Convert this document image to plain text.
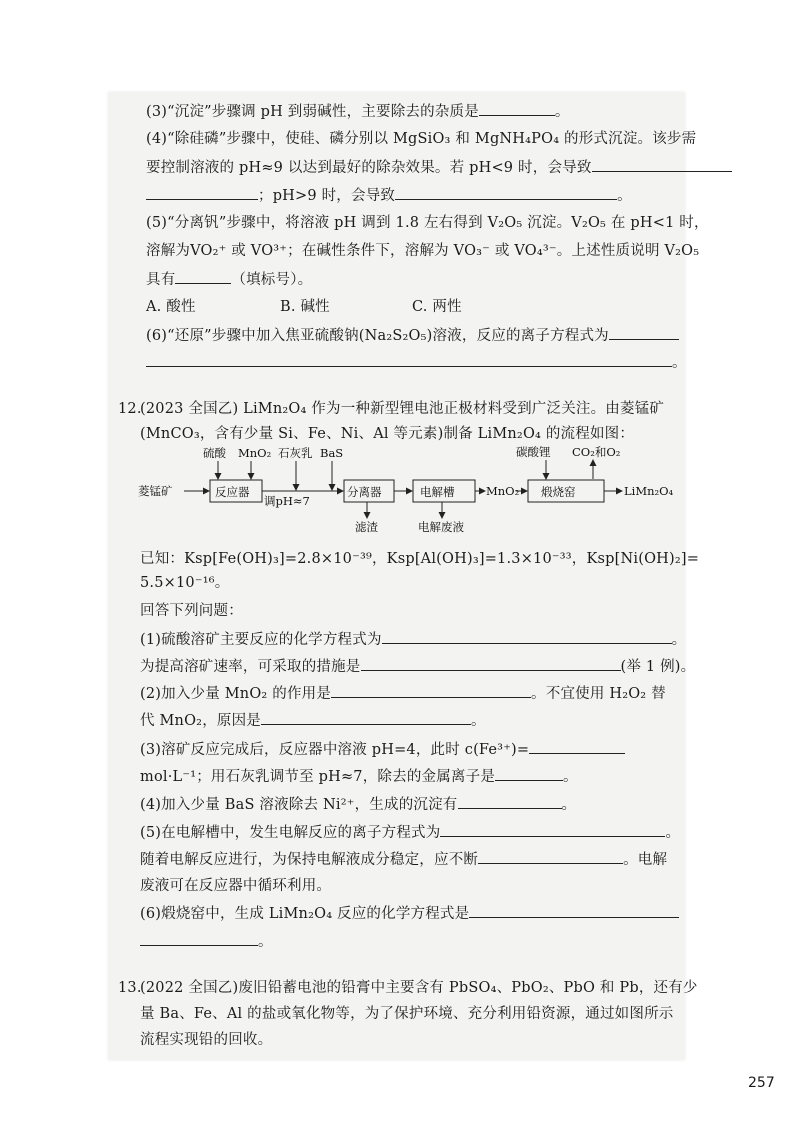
(3)“沉淀”步骤调 pH 到弱碱性，主要除去的杂质是	。
(4)“除硅磷”步骤中，使硅、磷分别以 MgSiO₃ 和 MgNH₄PO₄ 的形式沉淀。该步需
要控制溶液的 pH≈9 以达到最好的除杂效果。若 pH<9 时，会导致
；pH>9 时，会导致	。
(5)“分离钒”步骤中，将溶液 pH 调到 1.8 左右得到 V₂O₅ 沉淀。V₂O₅ 在 pH<1 时，
溶解为VO₂⁺ 或 VO³⁺；在碱性条件下，溶解为 VO₃⁻ 或 VO₄³⁻。上述性质说明 V₂O₅
具有	（填标号）。
A. 酸性	B. 碱性	C. 两性
(6)“还原”步骤中加入焦亚硫酸钠(Na₂S₂O₅)溶液，反应的离子方程式为
。
12.
(2023 全国乙) LiMn₂O₄ 作为一种新型锂电池正极材料受到广泛关注。由菱锰矿
(MnCO₃，含有少量 Si、Fe、Ni、Al 等元素)制备 LiMn₂O₄ 的流程如图：
菱锰矿	反应器	分离器	电解槽	煅烧窑
MnO₂	LiMn₂O₄
硫酸 MnO₂ 石灰乳 BaS	碳酸锂 CO₂和O₂
调pH≈7
滤渣	电解废液
已知：Ksp[Fe(OH)₃]=2.8×10⁻³⁹，Ksp[Al(OH)₃]=1.3×10⁻³³，Ksp[Ni(OH)₂]=
5.5×10⁻¹⁶。
回答下列问题：
(1)硫酸溶矿主要反应的化学方程式为	。
为提高溶矿速率，可采取的措施是	(举 1 例)。
(2)加入少量 MnO₂ 的作用是	。不宜使用 H₂O₂ 替
代 MnO₂，原因是	。
(3)溶矿反应完成后，反应器中溶液 pH=4，此时 c(Fe³⁺)=
mol·L⁻¹；用石灰乳调节至 pH≈7，除去的金属离子是	。
(4)加入少量 BaS 溶液除去 Ni²⁺，生成的沉淀有	。
(5)在电解槽中，发生电解反应的离子方程式为	。
随着电解反应进行，为保持电解液成分稳定，应不断	。电解
废液可在反应器中循环利用。
(6)煅烧窑中，生成 LiMn₂O₄ 反应的化学方程式是
。
13.
(2022 全国乙)废旧铅蓄电池的铅膏中主要含有 PbSO₄、PbO₂、PbO 和 Pb，还有少
量 Ba、Fe、Al 的盐或氧化物等，为了保护环境、充分利用铅资源，通过如图所示
流程实现铅的回收。
257
